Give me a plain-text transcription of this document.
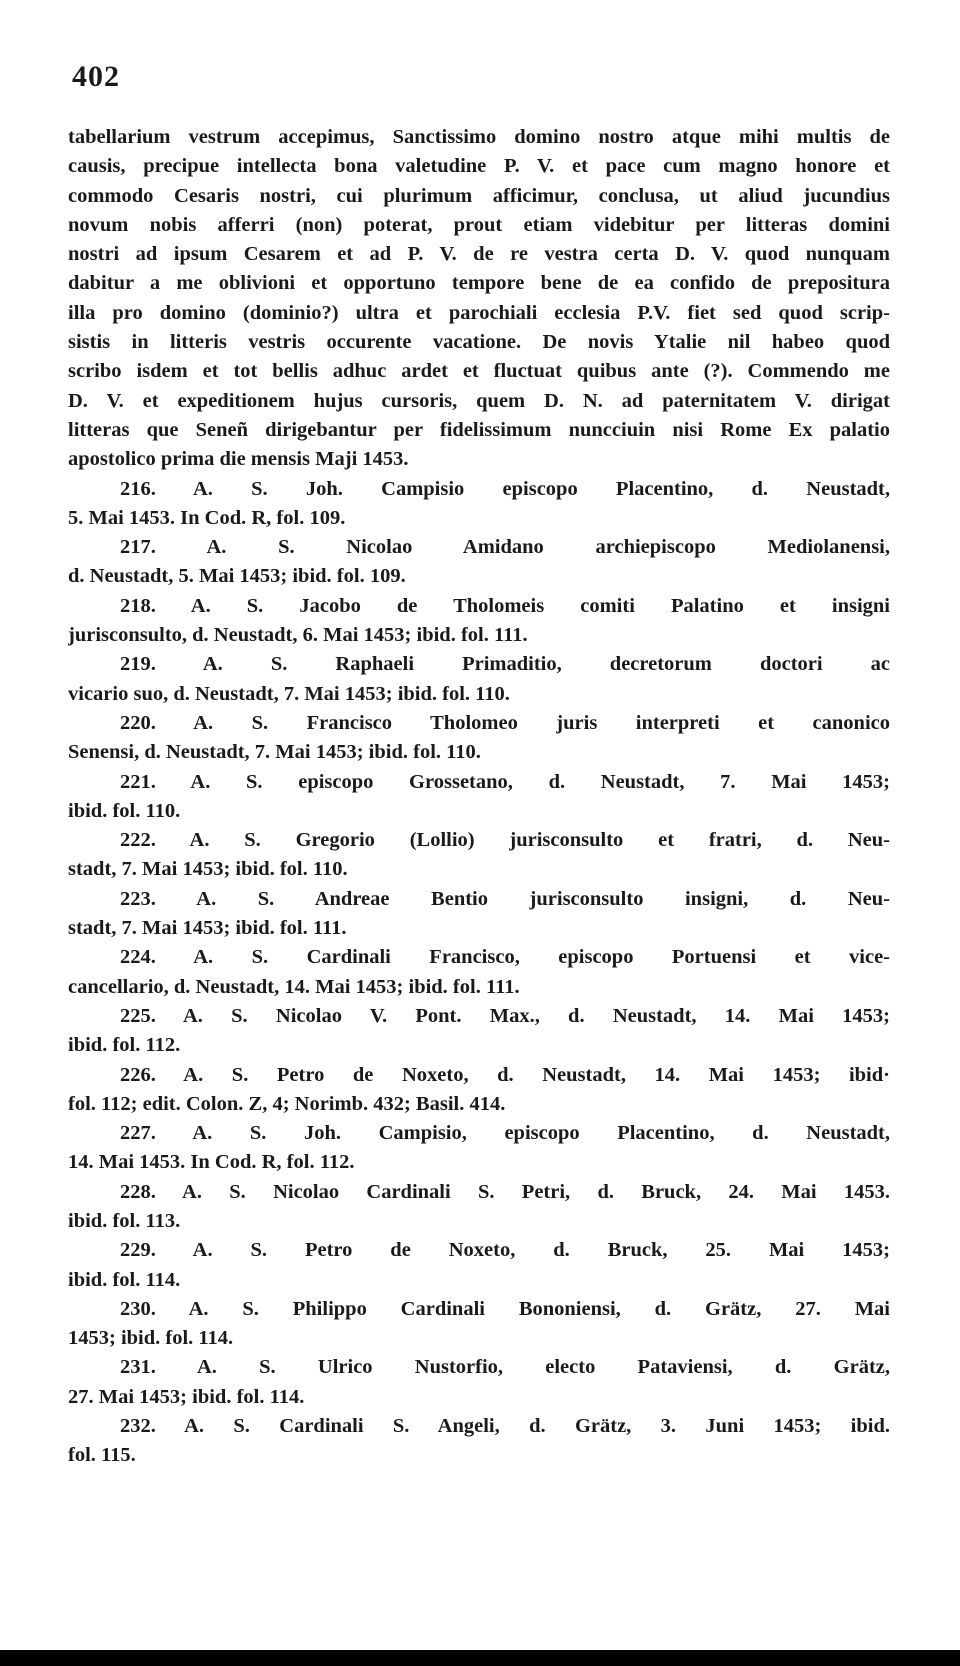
402
tabellarium vestrum accepimus, Sanctissimo domino nostro atque mihi multis de
causis, precipue intellecta bona valetudine P. V. et pace cum magno honore et
commodo Cesaris nostri, cui plurimum afficimur, conclusa, ut aliud jucundius
novum nobis afferri (non) poterat, prout etiam videbitur per litteras domini
nostri ad ipsum Cesarem et ad P. V. de re vestra certa D. V. quod nunquam
dabitur a me oblivioni et opportuno tempore bene de ea confido de prepositura
illa pro domino (dominio?) ultra et parochiali ecclesia P.V. fiet sed quod scrip-
sistis in litteris vestris occurente vacatione. De novis Ytalie nil habeo quod
scribo isdem et tot bellis adhuc ardet et fluctuat quibus ante (?). Commendo me
D. V. et expeditionem hujus cursoris, quem D. N. ad paternitatem V. dirigat
litteras que Seneñ dirigebantur per fidelissimum nuncciuin nisi Rome Ex palatio
apostolico prima die mensis Maji 1453.
216. A. S. Joh. Campisio episcopo Placentino, d. Neustadt,
5. Mai 1453. In Cod. R, fol. 109.
217. A. S. Nicolao Amidano archiepiscopo Mediolanensi,
d. Neustadt, 5. Mai 1453; ibid. fol. 109.
218. A. S. Jacobo de Tholomeis comiti Palatino et insigni
jurisconsulto, d. Neustadt, 6. Mai 1453; ibid. fol. 111.
219. A. S. Raphaeli Primaditio, decretorum doctori ac
vicario suo, d. Neustadt, 7. Mai 1453; ibid. fol. 110.
220. A. S. Francisco Tholomeo juris interpreti et canonico
Senensi, d. Neustadt, 7. Mai 1453; ibid. fol. 110.
221. A. S. episcopo Grossetano, d. Neustadt, 7. Mai 1453;
ibid. fol. 110.
222. A. S. Gregorio (Lollio) jurisconsulto et fratri, d. Neu-
stadt, 7. Mai 1453; ibid. fol. 110.
223. A. S. Andreae Bentio jurisconsulto insigni, d. Neu-
stadt, 7. Mai 1453; ibid. fol. 111.
224. A. S. Cardinali Francisco, episcopo Portuensi et vice-
cancellario, d. Neustadt, 14. Mai 1453; ibid. fol. 111.
225. A. S. Nicolao V. Pont. Max., d. Neustadt, 14. Mai 1453;
ibid. fol. 112.
226. A. S. Petro de Noxeto, d. Neustadt, 14. Mai 1453; ibid·
fol. 112; edit. Colon. Z, 4; Norimb. 432; Basil. 414.
227. A. S. Joh. Campisio, episcopo Placentino, d. Neustadt,
14. Mai 1453. In Cod. R, fol. 112.
228. A. S. Nicolao Cardinali S. Petri, d. Bruck, 24. Mai 1453.
ibid. fol. 113.
229. A. S. Petro de Noxeto, d. Bruck, 25. Mai 1453;
ibid. fol. 114.
230. A. S. Philippo Cardinali Bononiensi, d. Grätz, 27. Mai
1453; ibid. fol. 114.
231. A. S. Ulrico Nustorfio, electo Pataviensi, d. Grätz,
27. Mai 1453; ibid. fol. 114.
232. A. S. Cardinali S. Angeli, d. Grätz, 3. Juni 1453; ibid.
fol. 115.
